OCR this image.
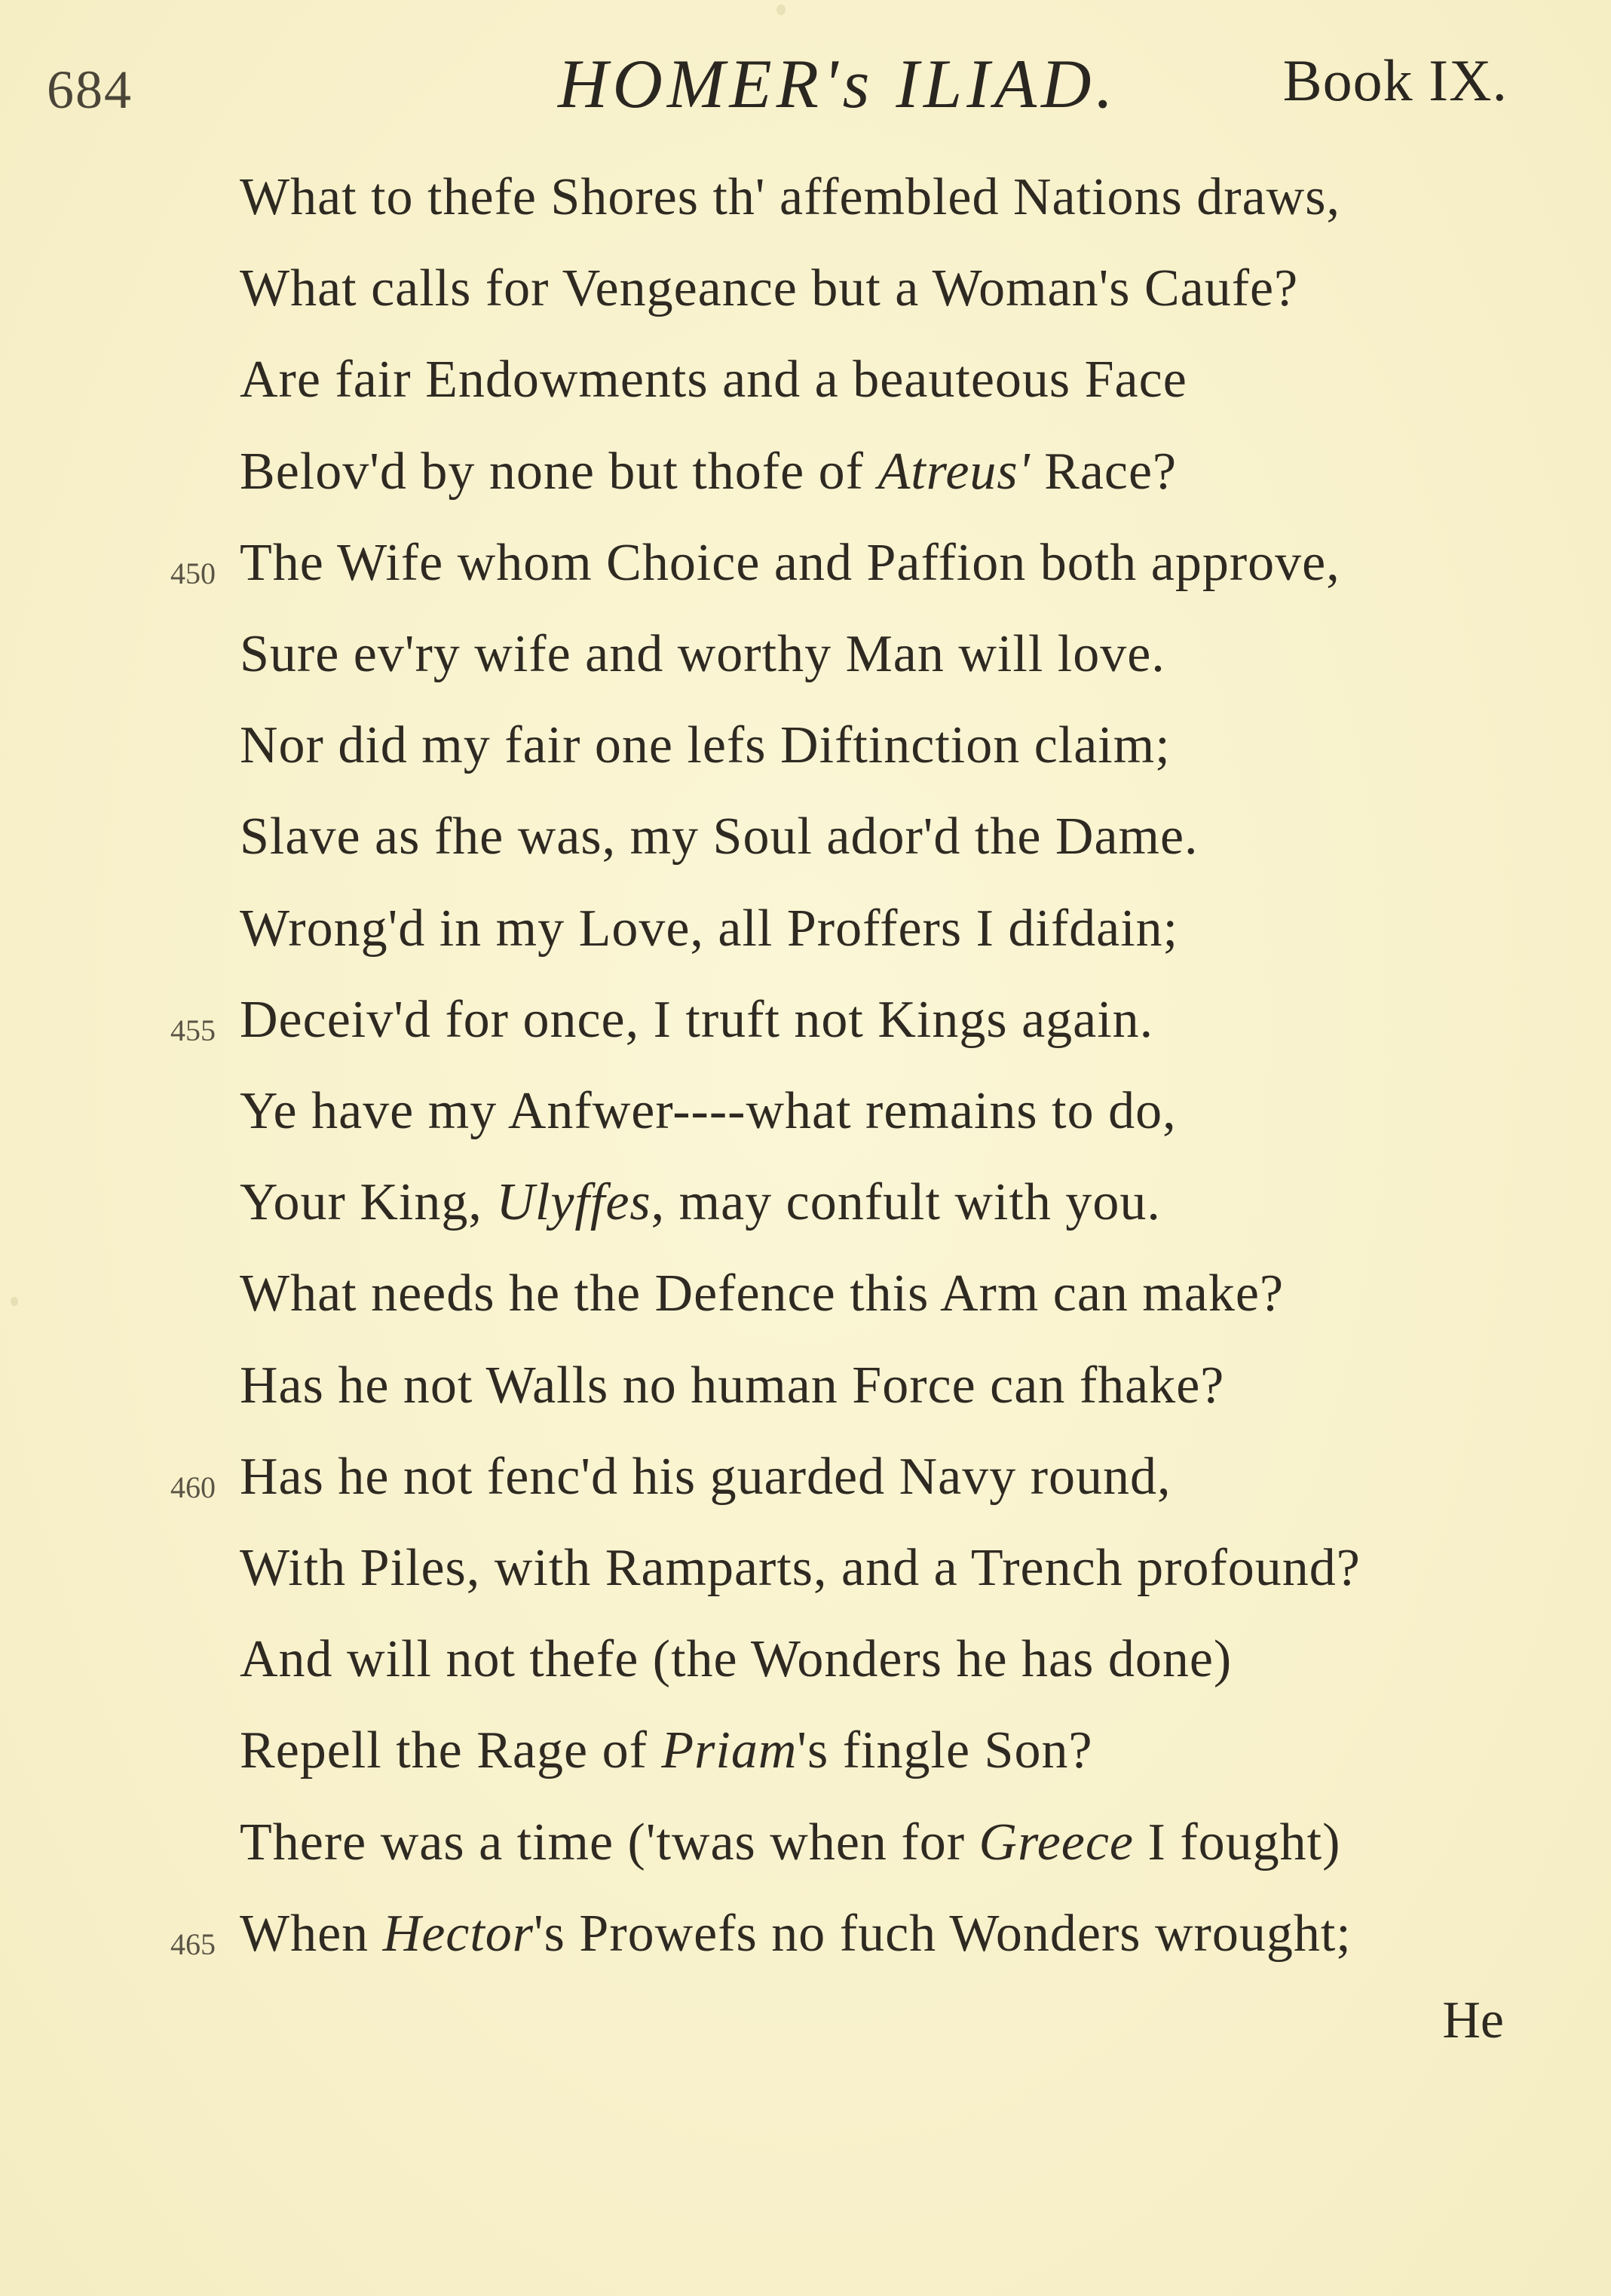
684	HOMER's ILIAD.	Book IX.
What to thefe Shores th' affembled Nations draws,
What calls for Vengeance but a Woman's Caufe?
Are fair Endowments and a beauteous Face
Belov'd by none but thofe of Atreus' Race?
The Wife whom Choice and Paffion both approve,
450
Sure ev'ry wife and worthy Man will love.
Nor did my fair one lefs Diftinction claim;
Slave as fhe was, my Soul ador'd the Dame.
Wrong'd in my Love, all Proffers I difdain;
Deceiv'd for once, I truft not Kings again.
455
Ye have my Anfwer----what remains to do,
Your King, Ulyffes, may confult with you.
What needs he the Defence this Arm can make?
Has he not Walls no human Force can fhake?
Has he not fenc'd his guarded Navy round,
460
With Piles, with Ramparts, and a Trench profound?
And will not thefe (the Wonders he has done)
Repell the Rage of Priam's fingle Son?
There was a time ('twas when for Greece I fought)
When Hector's Prowefs no fuch Wonders wrought;
465
He
